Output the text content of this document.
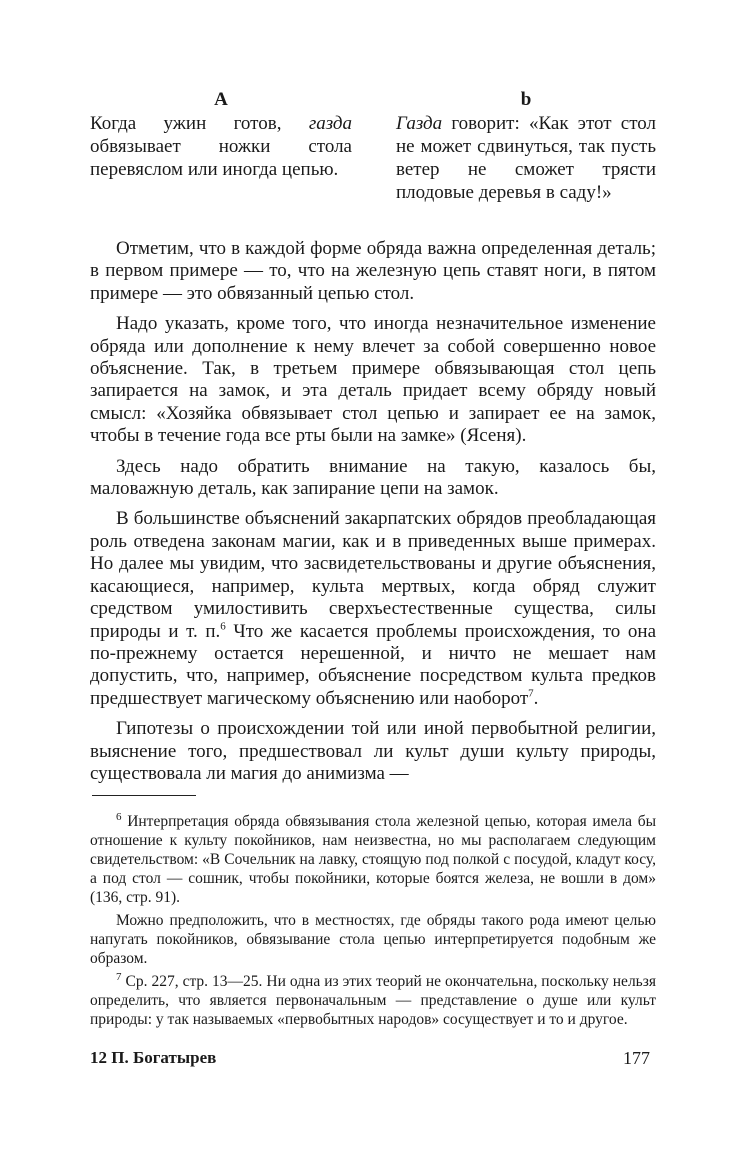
A
Когда ужин готов, газда обвязывает ножки стола перевяслом или иногда цепью.
b
Газда говорит: «Как этот стол не может сдвинуться, так пусть ветер не сможет трясти плодовые деревья в саду!»

Отметим, что в каждой форме обряда важна определенная деталь; в первом примере — то, что на железную цепь ставят ноги, в пятом примере — это обвязанный цепью стол.

Надо указать, кроме того, что иногда незначительное изменение обряда или дополнение к нему влечет за собой совершенно новое объяснение. Так, в третьем примере обвязывающая стол цепь запирается на замок, и эта деталь придает всему обряду новый смысл: «Хозяйка обвязывает стол цепью и запирает ее на замок, чтобы в течение года все рты были на замке» (Ясеня).

Здесь надо обратить внимание на такую, казалось бы, маловажную деталь, как запирание цепи на замок.

В большинстве объяснений закарпатских обрядов преобладающая роль отведена законам магии, как и в приведенных выше примерах. Но далее мы увидим, что засвидетельствованы и другие объяснения, касающиеся, например, культа мертвых, когда обряд служит средством умилостивить сверхъестественные существа, силы природы и т. п.$^6$ Что же касается проблемы происхождения, то она по-прежнему остается нерешенной, и ничто не мешает нам допустить, что, например, объяснение посредством культа предков предшествует магическому объяснению или наоборот$^7$.

Гипотезы о происхождении той или иной первобытной религии, выяснение того, предшествовал ли культ души культу природы, существовала ли магия до анимизма —

$^6$ Интерпретация обряда обвязывания стола железной цепью, которая имела бы отношение к культу покойников, нам неизвестна, но мы располагаем следующим свидетельством: «В Сочельник на лавку, стоящую под полкой с посудой, кладут косу, а под стол — сошник, чтобы покойники, которые боятся железа, не вошли в дом» (136, стр. 91).

Можно предположить, что в местностях, где обряды такого рода имеют целью напугать покойников, обвязывание стола цепью интерпретируется подобным же образом.

$^7$ Ср. 227, стр. 13—25. Ни одна из этих теорий не окончательна, поскольку нельзя определить, что является первоначальным — представление о душе или культ природы: у так называемых «первобытных народов» сосуществует и то и другое.

12 П. Богатырев	177
